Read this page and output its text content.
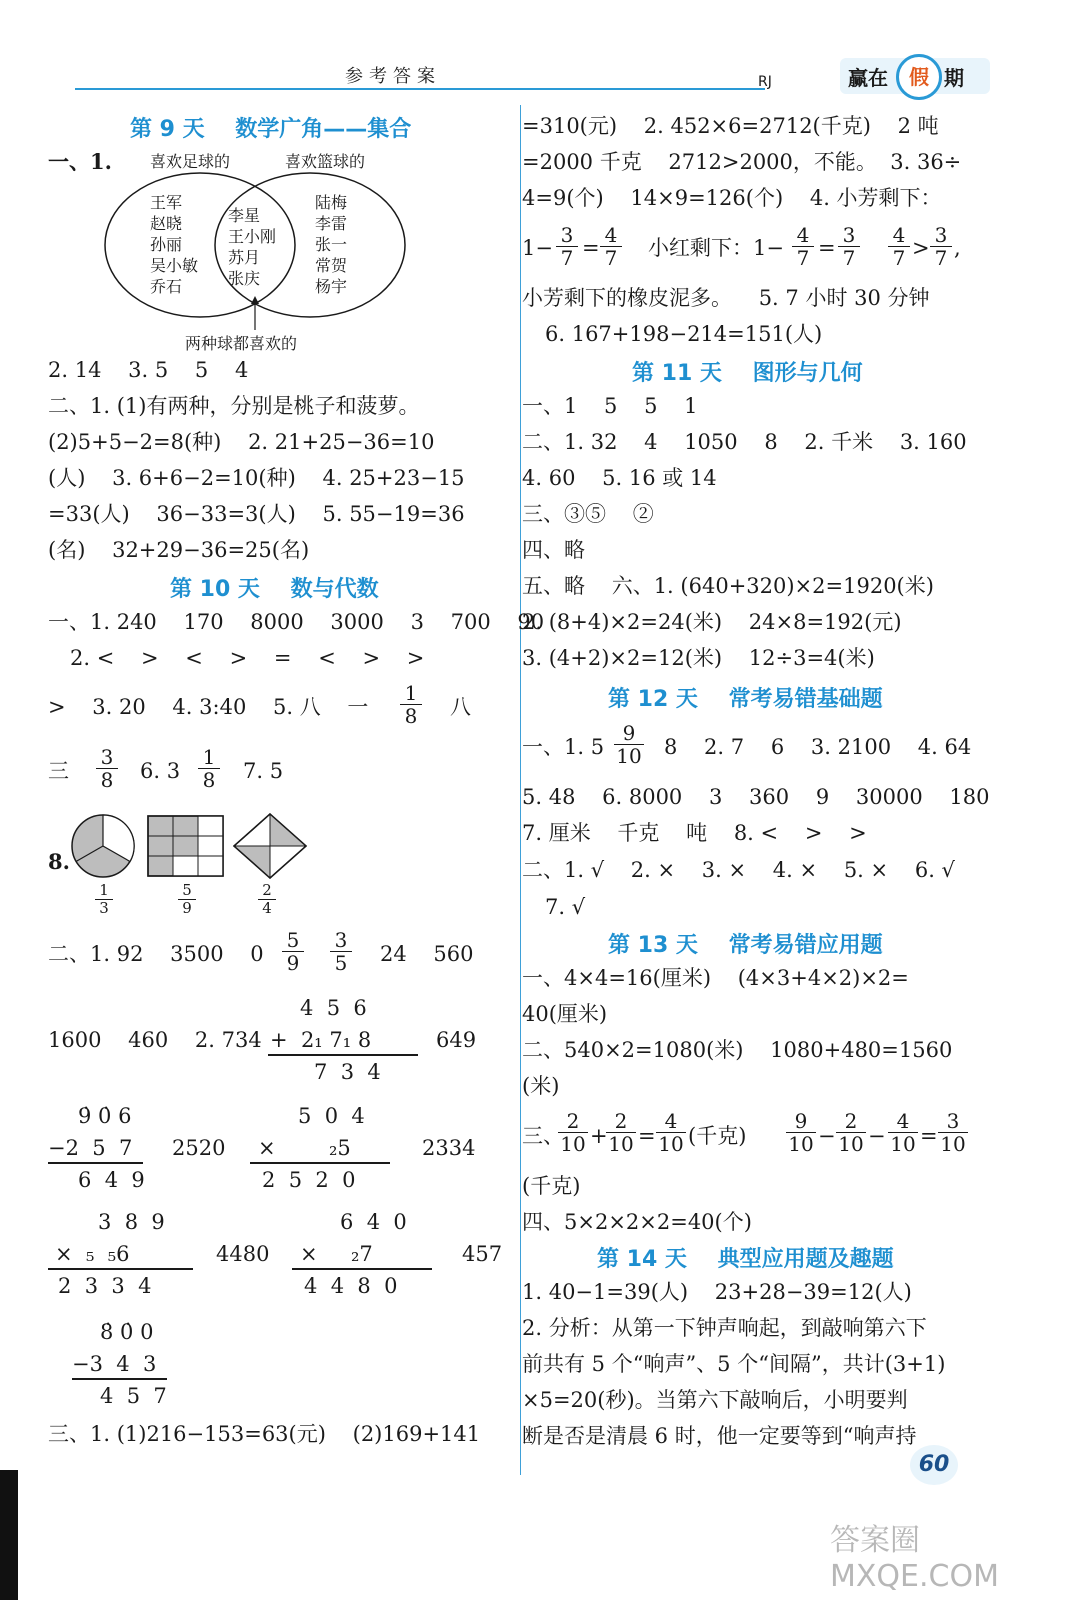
参考答案	RJ	赢在	假 期
第 9 天    数学广角——集合
一、1. 喜欢足球的	喜欢篮球的
两种球都喜欢的
王军
赵晓
孙丽
吴小敏
乔石
李星
王小刚
苏月
张庆
陆梅
李雷
张一
常贺
杨宇
2. 14    3. 5    5    4
二、1. (1)有两种，分别是桃子和菠萝。
(2)5+5−2=8(种)    2. 21+25−36=10
(人)    3. 6+6−2=10(种)    4. 25+23−15
=33(人)    36−33=3(人)    5. 55−19=36
(名)    32+29−36=25(名)
第 10 天    数与代数
一、1. 240    170    8000    3000    3    700    90
2. <    >    <    >    =    <    >    >
>    3. 20    4. 3:40    5. 八    一 $\frac{1}{8}$ 八
三 $\frac{3}{8} 6$. $3 \frac{1}{8} 7$. 5
8.
$\frac{1}{3}$	$\frac{5}{9}$	$\frac{2}{4}$
二、1. 92    3500    $0 \frac{5}{9} \frac{3}{5} 24$    560
4  5  6
+  2₁ 7₁ 8
7  3  4
1600    460    2. 734	649
9̇ 0̇ 6
−2  5  7
6  4  9
2520
5  0  4
×        ₂5
2  5  2  0
2334
3  8  9
×  ₅  ₅6
2  3  3  4
4480
6  4  0
×     ₂7
4  4  8  0
457
8̇ 0̇ 0
−3  4  3
4  5  7
三、1. (1)216−153=63(元)    (2)169+141
=310(元)    2. 452×6=2712(千克)    2 吨
=2000 千克    2712>2000，不能。  3. 36÷
4=9(个)    14×9=126(个)    4. 小芳剩下：
$1- \frac{3}{7} = \frac{4}{7}$ 小红剩下：$1- \frac{4}{7} = \frac{3}{7} \frac{4}{7} > \frac{3}{7}$ ,
小芳剩下的橡皮泥多。    5. 7 小时 30 分钟
6. 167+198−214=151(人)
第 11 天    图形与几何
一、1    5    5    1
二、1. 32    4    1050    8    2. 千米    3. 160
4. 60    5. 16 或 14
三、③⑤    ②
四、略
五、略    六、1. (640+320)×2=1920(米)
2. (8+4)×2=24(米)    24×8=192(元)
3. (4+2)×2=12(米)    12÷3=4(米)
第 12 天    常考易错基础题
一、1. $5 \frac{9}{10} 8$    2. 7    6    3. 2100    4. 64
5. 48    6. 8000    3    360    9    30000    180
7. 厘米    千克    吨    8. <    >    >
二、1. √    2. ×    3. ×    4. ×    5. ×    6. √
7. √
第 13 天    常考易错应用题
一、4×4=16(厘米)    (4×3+4×2)×2=
40(厘米)
二、540×2=1080(米)    1080+480=1560
(米)
三、
$\frac{2}{10}$ +
$\frac{2}{10} = \frac{4}{10}$ (千克) $\frac{9}{10} - \frac{2}{10} - \frac{4}{10} = \frac{3}{10}$
(千克)
四、5×2×2×2=40(个)
第 14 天    典型应用题及趣题
1. 40−1=39(人)    23+28−39=12(人)
2. 分析：从第一下钟声响起，到敲响第六下
前共有 5 个“响声”、5 个“间隔”，共计(3+1)
×5=20(秒)。当第六下敲响后，小明要判
断是否是清晨 6 时，他一定要等到“响声持
60
答案圈 MXQE.COM
